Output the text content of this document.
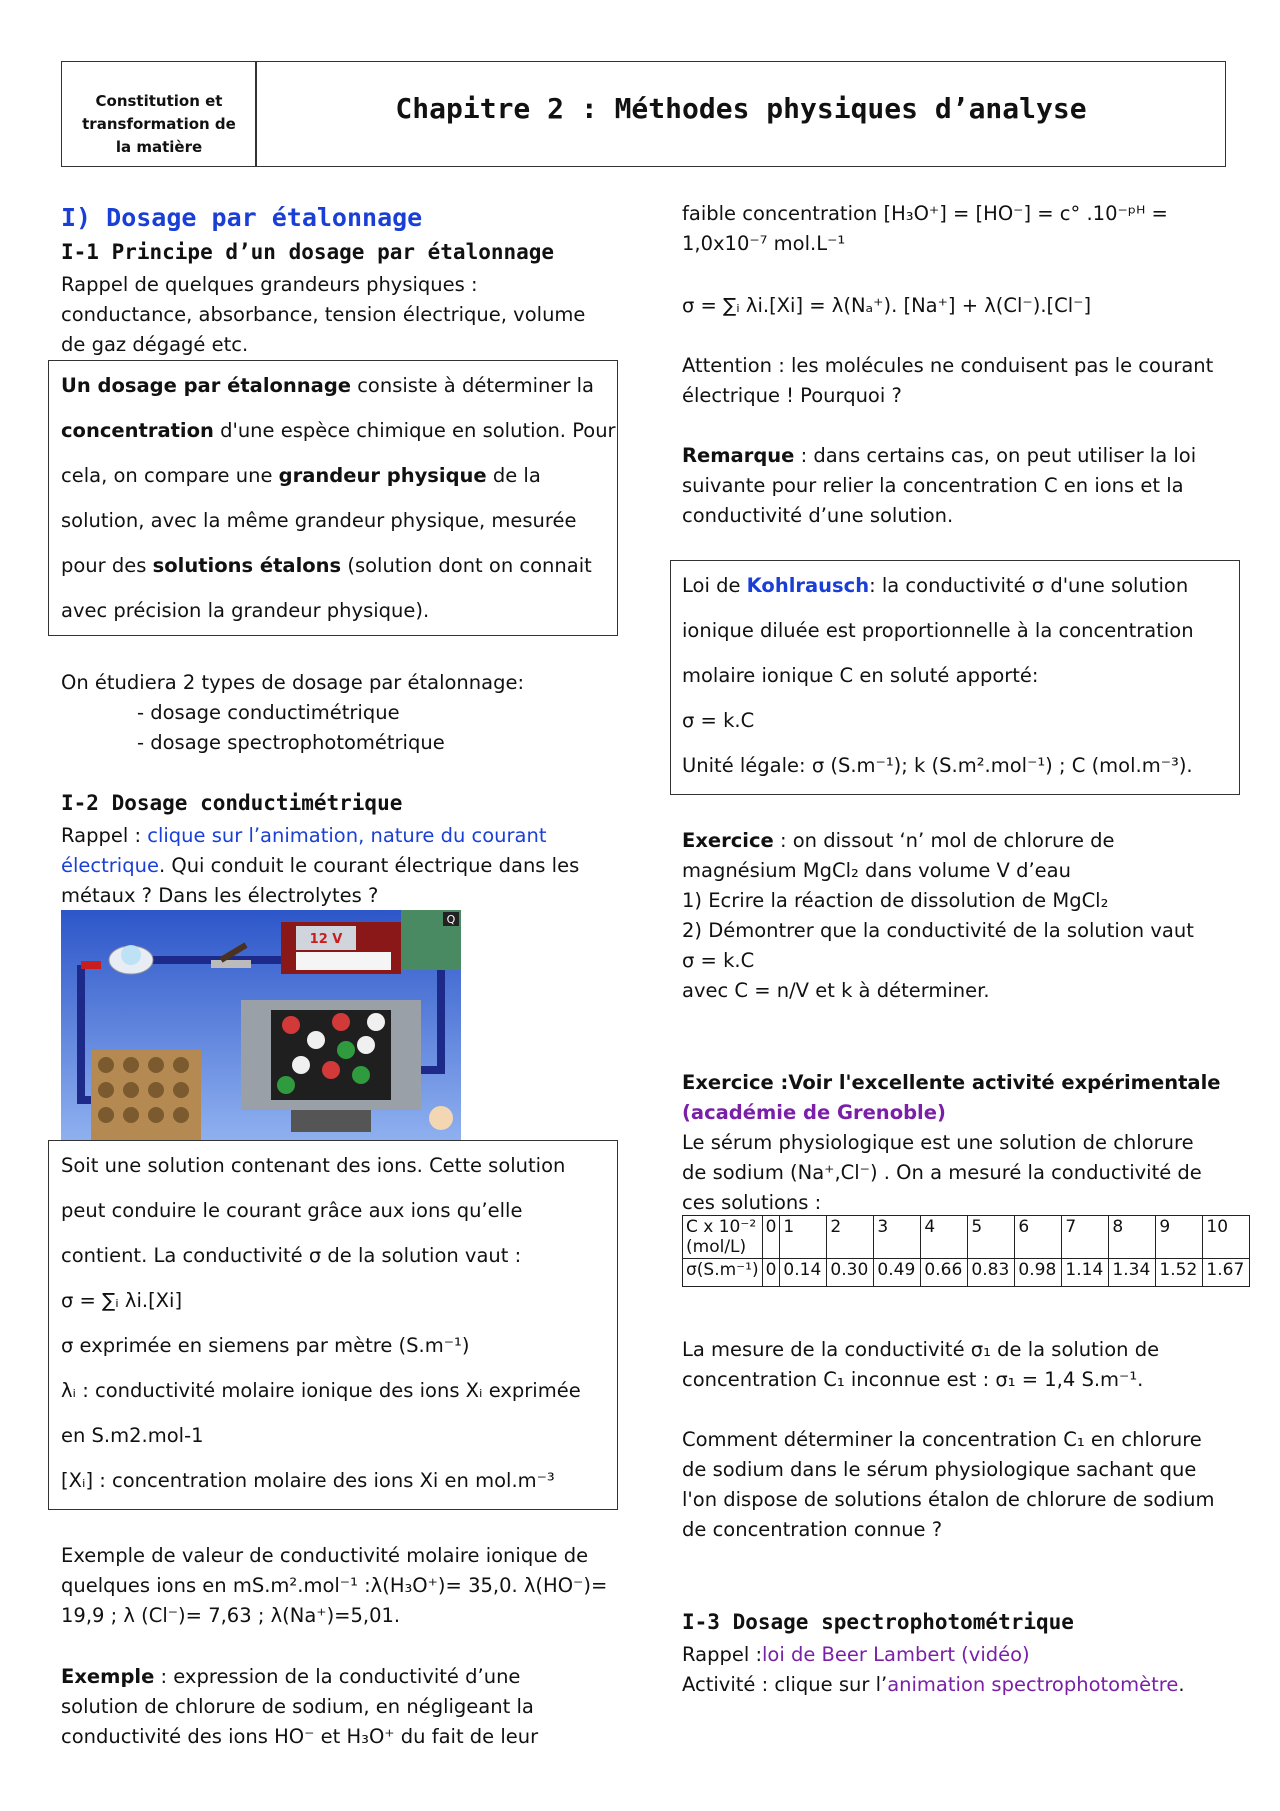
Constitution et
transformation de
la matière
Chapitre 2 : Méthodes physiques d’analyse
I) Dosage par étalonnage
I-1 Principe d’un dosage par étalonnage
Rappel de quelques grandeurs physiques :
conductance, absorbance, tension électrique, volume
de gaz dégagé etc.
Un dosage par étalonnage consiste à déterminer la
concentration d'une espèce chimique en solution. Pour
cela, on compare une grandeur physique de la
solution, avec la même grandeur physique, mesurée
pour des solutions étalons (solution dont on connait
avec précision la grandeur physique).
On étudiera 2 types de dosage par étalonnage:
- dosage conductimétrique
- dosage spectrophotométrique
I-2 Dosage conductimétrique
Rappel : clique sur l’animation, nature du courant
électrique. Qui conduit le courant électrique dans les
métaux ? Dans les électrolytes ?
Q
12 V
Soit une solution contenant des ions. Cette solution
peut conduire le courant grâce aux ions qu’elle
contient. La conductivité σ de la solution vaut :
σ = ∑ᵢ λi.[Xi]
σ exprimée en siemens par mètre (S.m⁻¹)
λᵢ : conductivité molaire ionique des ions Xᵢ exprimée
en S.m2.mol-1
[Xᵢ] : concentration molaire des ions Xi en mol.m⁻³
Exemple de valeur de conductivité molaire ionique de
quelques ions en mS.m².mol⁻¹ :λ(H₃O⁺)= 35,0. λ(HO⁻)=
19,9 ; λ (Cl⁻)= 7,63 ; λ(Na⁺)=5,01.
Exemple : expression de la conductivité d’une
solution de chlorure de sodium, en négligeant la
conductivité des ions HO⁻ et H₃O⁺ du fait de leur
faible concentration [H₃O⁺] = [HO⁻] = c° .10⁻ᵖᴴ =
1,0x10⁻⁷ mol.L⁻¹
σ = ∑ᵢ λi.[Xi] = λ(Nₐ⁺). [Na⁺] + λ(Cl⁻).[Cl⁻]
Attention : les molécules ne conduisent pas le courant
électrique ! Pourquoi ?
Remarque : dans certains cas, on peut utiliser la loi
suivante pour relier la concentration C en ions et la
conductivité d’une solution.
Loi de Kohlrausch: la conductivité σ d'une solution
ionique diluée est proportionnelle à la concentration
molaire ionique C en soluté apporté:
σ = k.C
Unité légale: σ (S.m⁻¹); k (S.m².mol⁻¹) ; C (mol.m⁻³).
Exercice : on dissout ‘n’ mol de chlorure de
magnésium MgCl₂ dans volume V d’eau
1) Ecrire la réaction de dissolution de MgCl₂
2) Démontrer que la conductivité de la solution vaut
σ = k.C
avec C = n/V et k à déterminer.
Exercice :Voir l'excellente activité expérimentale
(académie de Grenoble)
Le sérum physiologique est une solution de chlorure
de sodium (Na⁺,Cl⁻) . On a mesuré la conductivité de
ces solutions :
C x 10⁻²
(mol/L)	0	1	2	3	4	5	6	7	8	9	10
σ(S.m⁻¹)	0	0.14	0.30	0.49	0.66	0.83	0.98	1.14	1.34	1.52	1.67
La mesure de la conductivité σ₁ de la solution de
concentration C₁ inconnue est : σ₁ = 1,4 S.m⁻¹.
Comment déterminer la concentration C₁ en chlorure
de sodium dans le sérum physiologique sachant que
l'on dispose de solutions étalon de chlorure de sodium
de concentration connue ?
I-3 Dosage spectrophotométrique
Rappel :loi de Beer Lambert (vidéo)
Activité : clique sur l’animation spectrophotomètre.
